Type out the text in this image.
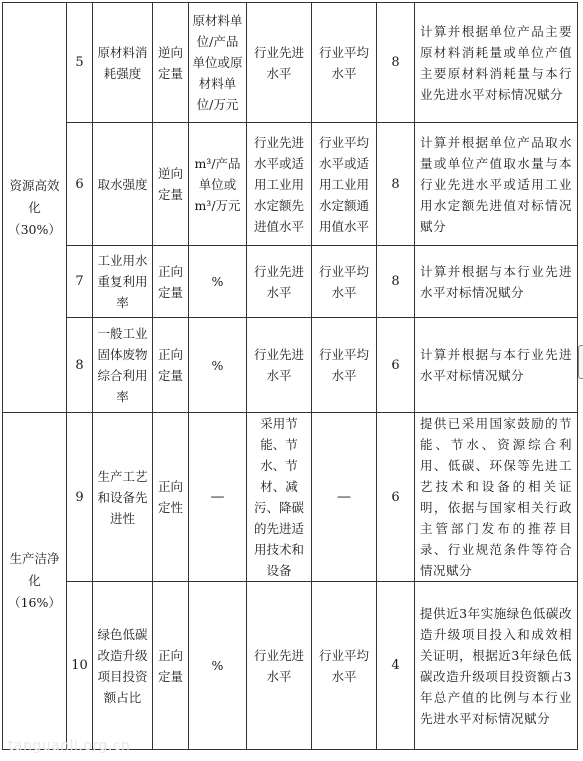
资源高效化（30%）	5	原材料消耗强度	逆向定量	原材料单位/产品单位或原材料单位/万元	行业先进水平	行业平均水平	8	计算并根据单位产品主要原材料消耗量或单位产值主要原材料消耗量与本行业先进水平对标情况赋分
	6	取水强度	逆向定量	m³/产品单位或m³/万元	行业先进水平或适用工业用水定额先进值水平	行业平均水平或适用工业用水定额通用值水平	8	计算并根据单位产品取水量或单位产值取水量与本行业先进水平或适用工业用水定额先进值对标情况赋分
	7	工业用水重复利用率	正向定量	%	行业先进水平	行业平均水平	8	计算并根据与本行业先进水平对标情况赋分
	8	一般工业固体废物综合利用率	正向定量	%	行业先进水平	行业平均水平	6	计算并根据与本行业先进水平对标情况赋分
生产洁净化（16%）	9	生产工艺和设备先进性	正向定性	—	采用节能、节水、节材、减污、降碳的先进适用技术和设备	—	6	提供已采用国家鼓励的节能、节水、资源综合利用、低碳、环保等先进工艺技术和设备的相关证明，依据与国家相关行政主管部门发布的推荐目录、行业规范条件等符合情况赋分
	10	绿色低碳改造升级项目投资额占比	正向定量	%	行业先进水平	行业平均水平	4	提供近3年实施绿色低碳改造升级项目投入和成效相关证明，根据近3年绿色低碳改造升级项目投资额占3年总产值的比例与本行业先进水平对标情况赋分
tanguanli.org.cn
